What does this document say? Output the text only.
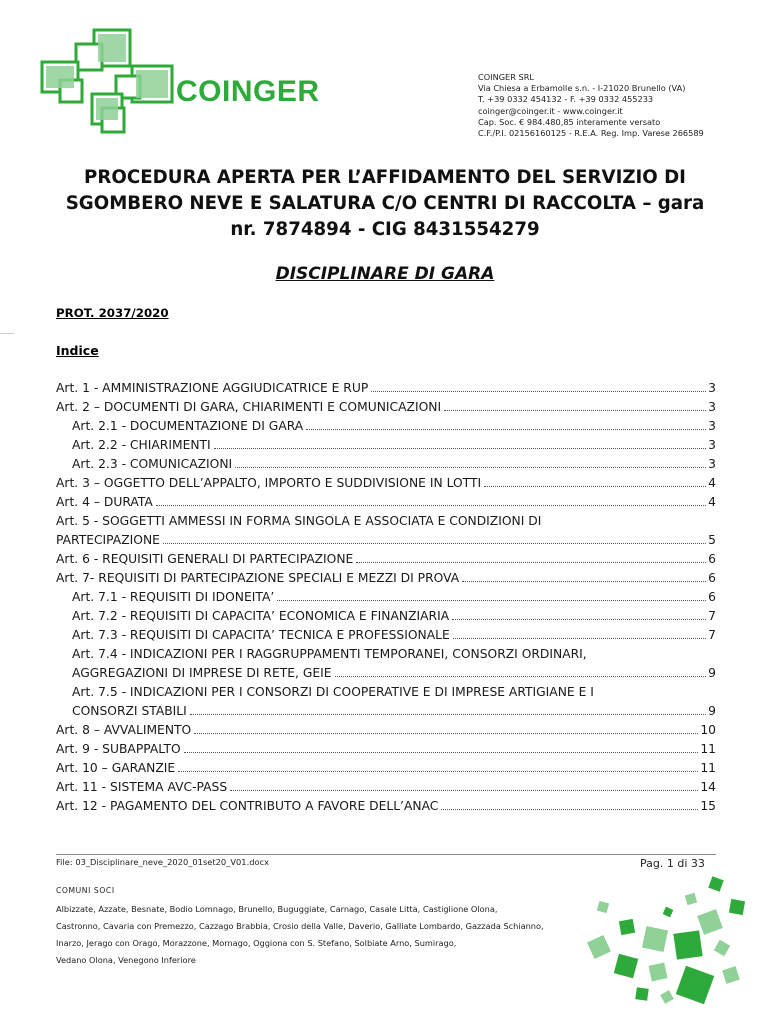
COINGER	COINGER SRL
Via Chiesa a Erbamolle s.n. - I-21020 Brunello (VA)
T. +39 0332 454132 - F. +39 0332 455233
coinger@coinger.it - www.coinger.it
Cap. Soc. € 984.480,85 interamente versato
C.F./P.I. 02156160125 - R.E.A. Reg. Imp. Varese 266589
PROCEDURA APERTA PER L’AFFIDAMENTO DEL SERVIZIO DI
SGOMBERO NEVE E SALATURA C/O CENTRI DI RACCOLTA – gara
nr. 7874894 - CIG 8431554279
DISCIPLINARE DI GARA
PROT. 2037/2020
Indice
Art. 1 - AMMINISTRAZIONE AGGIUDICATRICE E RUP	3
Art. 2 – DOCUMENTI DI GARA, CHIARIMENTI E COMUNICAZIONI	3
Art. 2.1 - DOCUMENTAZIONE DI GARA	3
Art. 2.2 - CHIARIMENTI	3
Art. 2.3 - COMUNICAZIONI	3
Art. 3 – OGGETTO DELL’APPALTO, IMPORTO E SUDDIVISIONE IN LOTTI	4
Art. 4 – DURATA	4
Art. 5 - SOGGETTI AMMESSI IN FORMA SINGOLA E ASSOCIATA E CONDIZIONI DI
PARTECIPAZIONE	5
Art. 6 - REQUISITI GENERALI DI PARTECIPAZIONE	6
Art. 7- REQUISITI DI PARTECIPAZIONE SPECIALI E MEZZI DI PROVA	6
Art. 7.1 - REQUISITI DI IDONEITA’	6
Art. 7.2 - REQUISITI DI CAPACITA’ ECONOMICA E FINANZIARIA	7
Art. 7.3 - REQUISITI DI CAPACITA’ TECNICA E PROFESSIONALE	7
Art. 7.4 - INDICAZIONI PER I RAGGRUPPAMENTI TEMPORANEI, CONSORZI ORDINARI,
AGGREGAZIONI DI IMPRESE DI RETE, GEIE	9
Art. 7.5 - INDICAZIONI PER I CONSORZI DI COOPERATIVE E DI IMPRESE ARTIGIANE E I
CONSORZI STABILI	9
Art. 8 – AVVALIMENTO	10
Art. 9 - SUBAPPALTO	11
Art. 10 – GARANZIE	11
Art. 11 - SISTEMA AVC-PASS	14
Art. 12 - PAGAMENTO DEL CONTRIBUTO A FAVORE DELL’ANAC	15
File: 03_Disciplinare_neve_2020_01set20_V01.docx	Pag. 1 di 33
COMUNI SOCI
Albizzate, Azzate, Besnate, Bodio Lomnago, Brunello, Buguggiate, Carnago, Casale Litta, Castiglione Olona,
Castronno, Cavaria con Premezzo, Cazzago Brabbia, Crosio della Valle, Daverio, Galliate Lombardo, Gazzada Schianno,
Inarzo, Jerago con Orago, Morazzone, Mornago, Oggiona con S. Stefano, Solbiate Arno, Sumirago,
Vedano Olona, Venegono Inferiore
